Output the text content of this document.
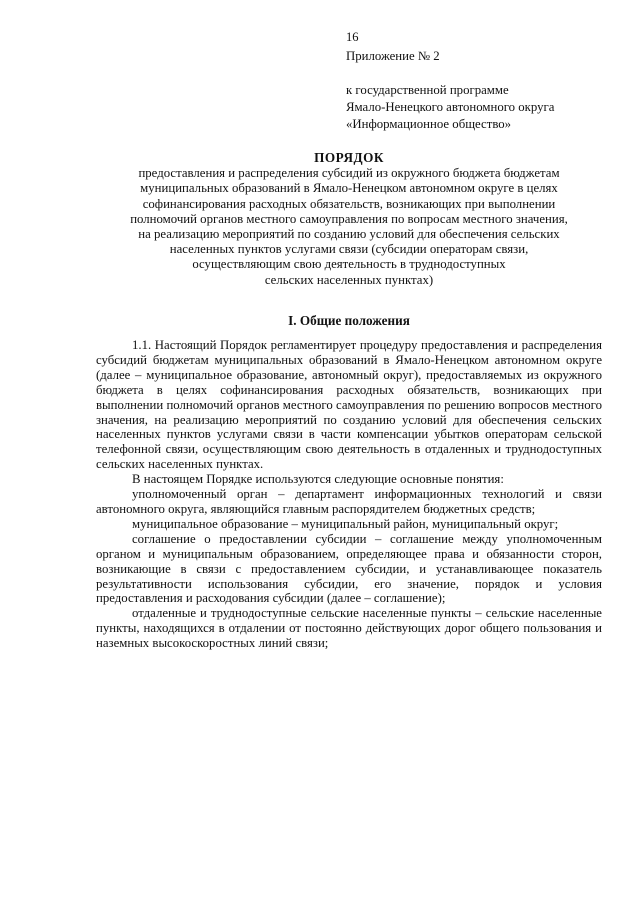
16
Приложение № 2
к государственной программе
Ямало-Ненецкого автономного округа
«Информационное общество»
ПОРЯДОК
предоставления и распределения субсидий из окружного бюджета бюджетам
муниципальных образований в Ямало-Ненецком автономном округе в целях
софинансирования расходных обязательств, возникающих при выполнении
полномочий органов местного самоуправления по вопросам местного значения,
на реализацию мероприятий по созданию условий для обеспечения сельских
населенных пунктов услугами связи (субсидии операторам связи,
осуществляющим свою деятельность в труднодоступных
сельских населенных пунктах)
I. Общие положения

1.1. Настоящий Порядок регламентирует процедуру предоставления и распределения субсидий бюджетам муниципальных образований в Ямало-Ненецком автономном округе (далее – муниципальное образование, автономный округ), предоставляемых из окружного бюджета в целях софинансирования расходных обязательств, возникающих при выполнении полномочий органов местного самоуправления по решению вопросов местного значения, на реализацию мероприятий по созданию условий для обеспечения сельских населенных пунктов услугами связи в части компенсации убытков операторам сельской телефонной связи, осуществляющим свою деятельность в отдаленных и труднодоступных сельских населенных пунктах.

В настоящем Порядке используются следующие основные понятия:

уполномоченный орган – департамент информационных технологий и связи автономного округа, являющийся главным распорядителем бюджетных средств;

муниципальное образование – муниципальный район, муниципальный округ;

соглашение о предоставлении субсидии – соглашение между уполномоченным органом и муниципальным образованием, определяющее права и обязанности сторон, возникающие в связи с предоставлением субсидии, и устанавливающее показатель результативности использования субсидии, его значение, порядок и условия предоставления и расходования субсидии (далее – соглашение);

отдаленные и труднодоступные сельские населенные пункты – сельские населенные пункты, находящихся в отдалении от постоянно действующих дорог общего пользования и наземных высокоскоростных линий связи;
